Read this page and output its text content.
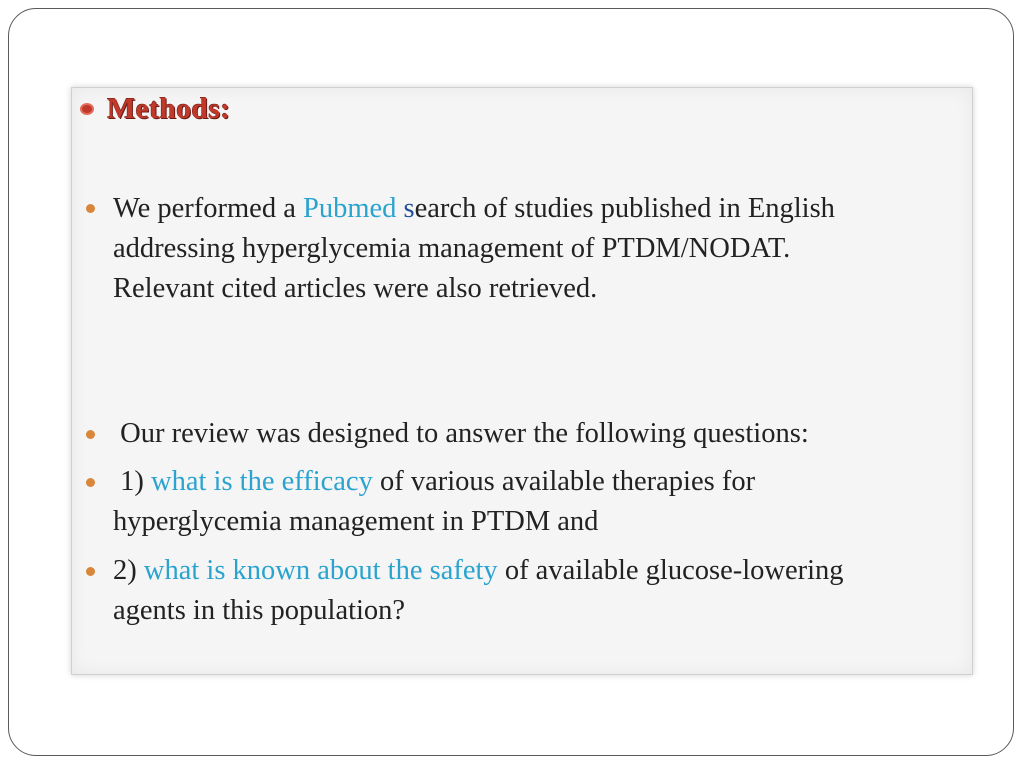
Methods:
We performed a Pubmed search of studies published in English
addressing hyperglycemia management of PTDM/NODAT.
Relevant cited articles were also retrieved.
Our review was designed to answer the following questions:
1) what is the efficacy of various available therapies for
hyperglycemia management in PTDM and
2) what is known about the safety of available glucose-lowering
agents in this population?
